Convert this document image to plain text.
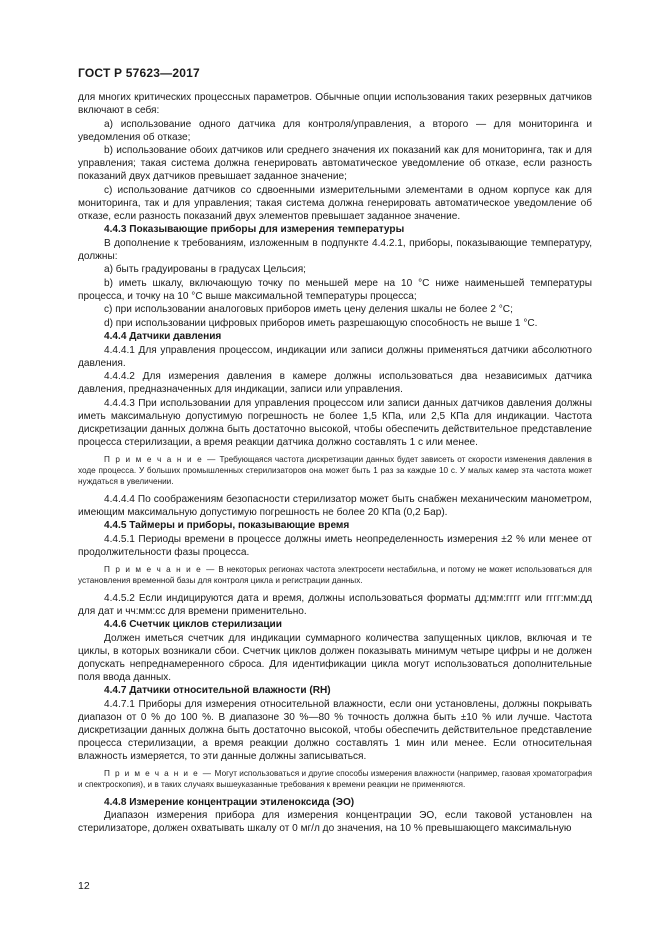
ГОСТ Р 57623—2017

для многих критических процессных параметров. Обычные опции использования таких резервных датчиков включают в себя:

a) использование одного датчика для контроля/управления, а второго — для мониторинга и уведомления об отказе;

b) использование обоих датчиков или среднего значения их показаний как для мониторинга, так и для управления; такая система должна генерировать автоматическое уведомление об отказе, если разность показаний двух датчиков превышает заданное значение;

c) использование датчиков со сдвоенными измерительными элементами в одном корпусе как для мониторинга, так и для управления; такая система должна генерировать автоматическое уведомление об отказе, если разность показаний двух элементов превышает заданное значение.

4.4.3 Показывающие приборы для измерения температуры

В дополнение к требованиям, изложенным в подпункте 4.4.2.1, приборы, показывающие температуру, должны:

a) быть градуированы в градусах Цельсия;

b) иметь шкалу, включающую точку по меньшей мере на 10 °С ниже наименьшей температуры процесса, и точку на 10 °С выше максимальной температуры процесса;

c) при использовании аналоговых приборов иметь цену деления шкалы не более 2 °С;

d) при использовании цифровых приборов иметь разрешающую способность не выше 1 °С.

4.4.4 Датчики давления

4.4.4.1 Для управления процессом, индикации или записи должны применяться датчики абсолютного давления.

4.4.4.2 Для измерения давления в камере должны использоваться два независимых датчика давления, предназначенных для индикации, записи или управления.

4.4.4.3 При использовании для управления процессом или записи данных датчиков давления должны иметь максимальную допустимую погрешность не более 1,5 КПа, или 2,5 КПа для индикации. Частота дискретизации данных должна быть достаточно высокой, чтобы обеспечить действительное представление процесса стерилизации, а время реакции датчика должно составлять 1 с или менее.

П р и м е ч а н и е — Требующаяся частота дискретизации данных будет зависеть от скорости изменения давления в ходе процесса. У больших промышленных стерилизаторов она может быть 1 раз за каждые 10 с. У малых камер эта частота может нуждаться в увеличении.

4.4.4.4 По соображениям безопасности стерилизатор может быть снабжен механическим манометром, имеющим максимальную допустимую погрешность не более 20 КПа (0,2 Бар).

4.4.5 Таймеры и приборы, показывающие время

4.4.5.1 Периоды времени в процессе должны иметь неопределенность измерения ±2 % или менее от продолжительности фазы процесса.

П р и м е ч а н и е — В некоторых регионах частота электросети нестабильна, и потому не может использоваться для установления временной базы для контроля цикла и регистрации данных.

4.4.5.2 Если индицируются дата и время, должны использоваться форматы дд:мм:гггг или гггг:мм:дд для дат и чч:мм:сс для времени применительно.

4.4.6 Счетчик циклов стерилизации

Должен иметься счетчик для индикации суммарного количества запущенных циклов, включая и те циклы, в которых возникали сбои. Счетчик циклов должен показывать минимум четыре цифры и не должен допускать непреднамеренного сброса. Для идентификации цикла могут использоваться дополнительные поля ввода данных.

4.4.7 Датчики относительной влажности (RH)

4.4.7.1 Приборы для измерения относительной влажности, если они установлены, должны покрывать диапазон от 0 % до 100 %. В диапазоне 30 %—80 % точность должна быть ±10 % или лучше. Частота дискретизации данных должна быть достаточно высокой, чтобы обеспечить действительное представление процесса стерилизации, а время реакции должно составлять 1 мин или менее. Если относительная влажность измеряется, то эти данные должны записываться.

П р и м е ч а н и е — Могут использоваться и другие способы измерения влажности (например, газовая хроматография и спектроскопия), и в таких случаях вышеуказанные требования к времени реакции не применяются.

4.4.8 Измерение концентрации этиленоксида (ЭО)

Диапазон измерения прибора для измерения концентрации ЭО, если таковой установлен на стерилизаторе, должен охватывать шкалу от 0 мг/л до значения, на 10 % превышающего максимальную

12
